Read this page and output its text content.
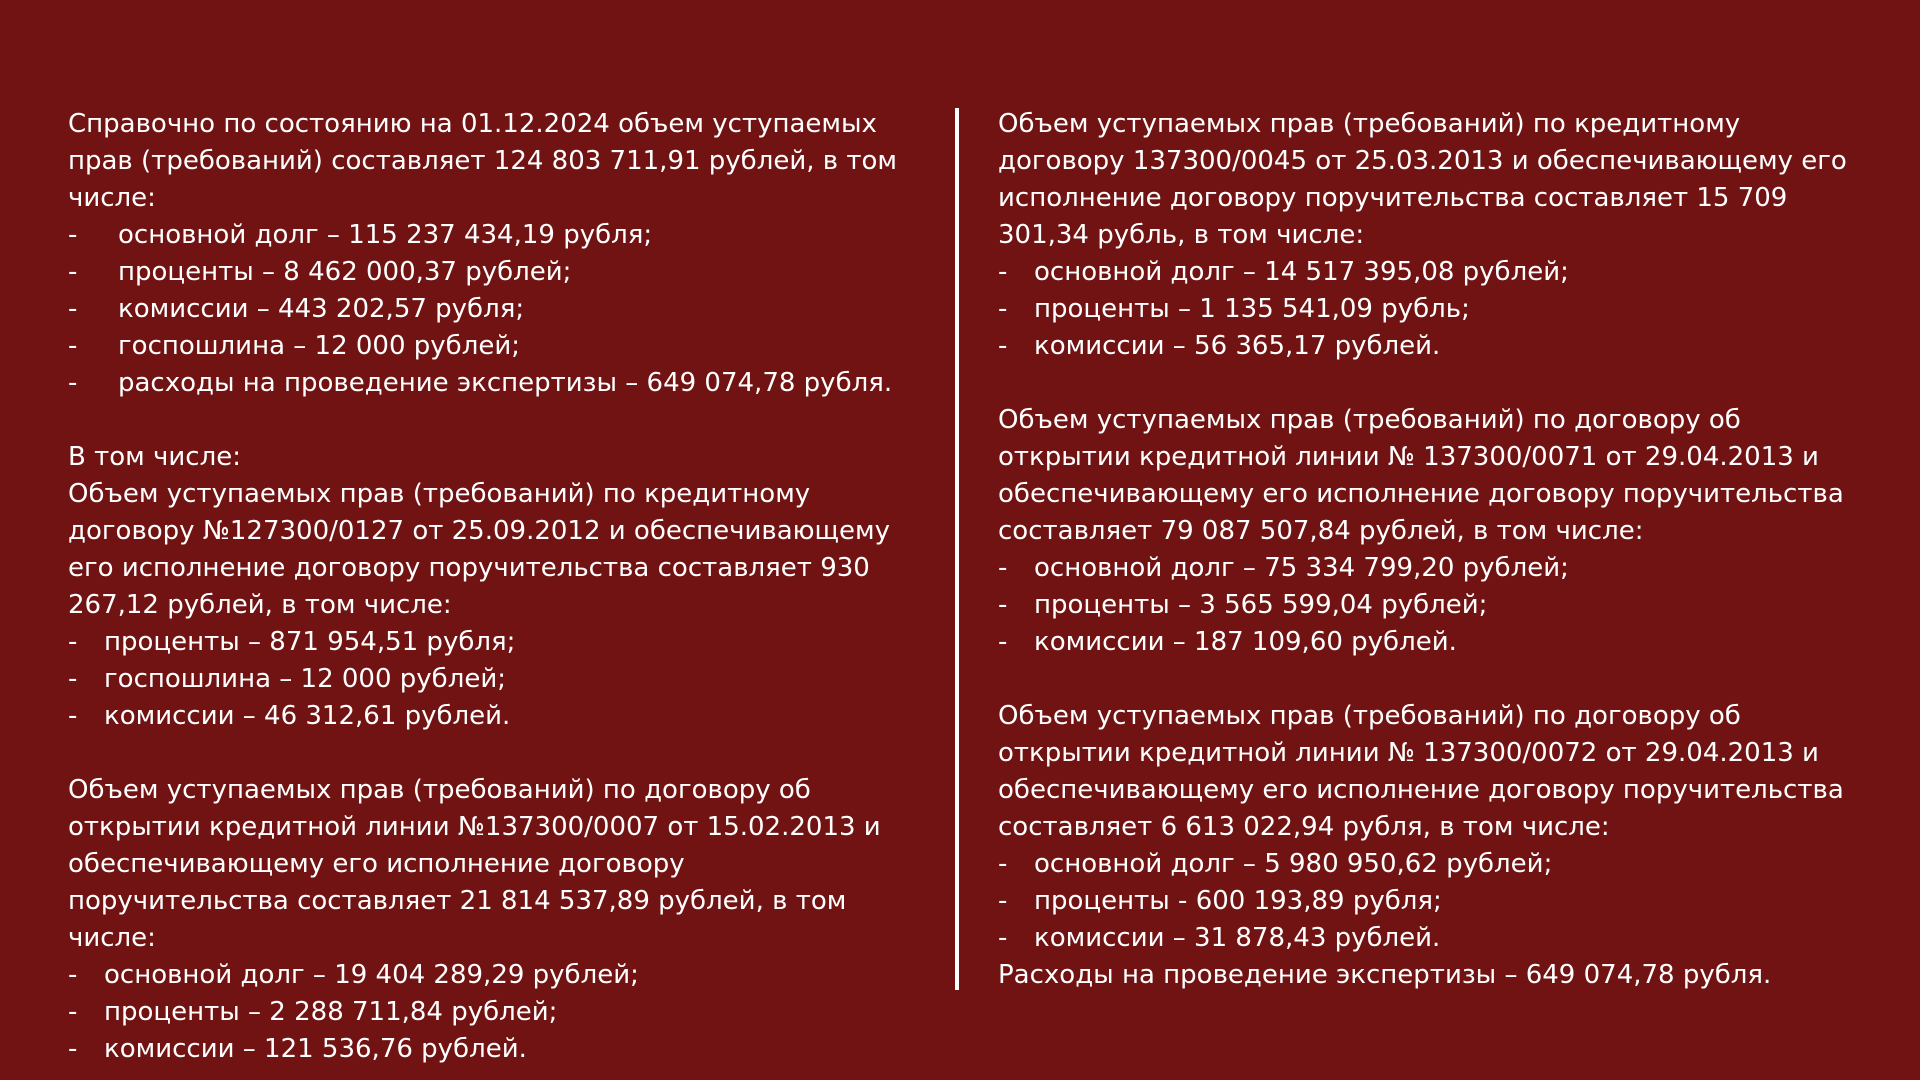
Справочно по состоянию на 01.12.2024 объем уступаемых прав (требований) составляет 124 803 711,91 рублей, в том числе:

- основной долг – 115 237 434,19 рубля;
- проценты – 8 462 000,37 рублей;
- комиссии – 443 202,57 рубля;
- госпошлина – 12 000 рублей;
- расходы на проведение экспертизы – 649 074,78 рубля.

В том числе:

Объем уступаемых прав (требований) по кредитному договору №127300/0127 от 25.09.2012 и обеспечивающему его исполнение договору поручительства составляет 930 267,12 рублей, в том числе:

- проценты – 871 954,51 рубля;
- госпошлина – 12 000 рублей;
- комиссии – 46 312,61 рублей.

Объем уступаемых прав (требований) по договору об открытии кредитной линии №137300/0007 от 15.02.2013 и обеспечивающему его исполнение договору поручительства составляет 21 814 537,89 рублей, в том числе:

- основной долг – 19 404 289,29 рублей;
- проценты – 2 288 711,84 рублей;
- комиссии – 121 536,76 рублей.

Объем уступаемых прав (требований) по кредитному договору 137300/0045 от 25.03.2013 и обеспечивающему его исполнение договору поручительства составляет 15 709 301,34 рубль, в том числе:

- основной долг – 14 517 395,08 рублей;
- проценты – 1 135 541,09 рубль;
- комиссии – 56 365,17 рублей.

Объем уступаемых прав (требований) по договору об открытии кредитной линии № 137300/0071 от 29.04.2013 и обеспечивающему его исполнение договору поручительства составляет 79 087 507,84 рублей, в том числе:

- основной долг – 75 334 799,20 рублей;
- проценты – 3 565 599,04 рублей;
- комиссии – 187 109,60 рублей.

Объем уступаемых прав (требований) по договору об открытии кредитной линии № 137300/0072 от 29.04.2013 и обеспечивающему его исполнение договору поручительства составляет 6 613 022,94 рубля, в том числе:

- основной долг – 5 980 950,62 рублей;
- проценты - 600 193,89 рубля;
- комиссии – 31 878,43 рублей.

Расходы на проведение экспертизы – 649 074,78 рубля.
